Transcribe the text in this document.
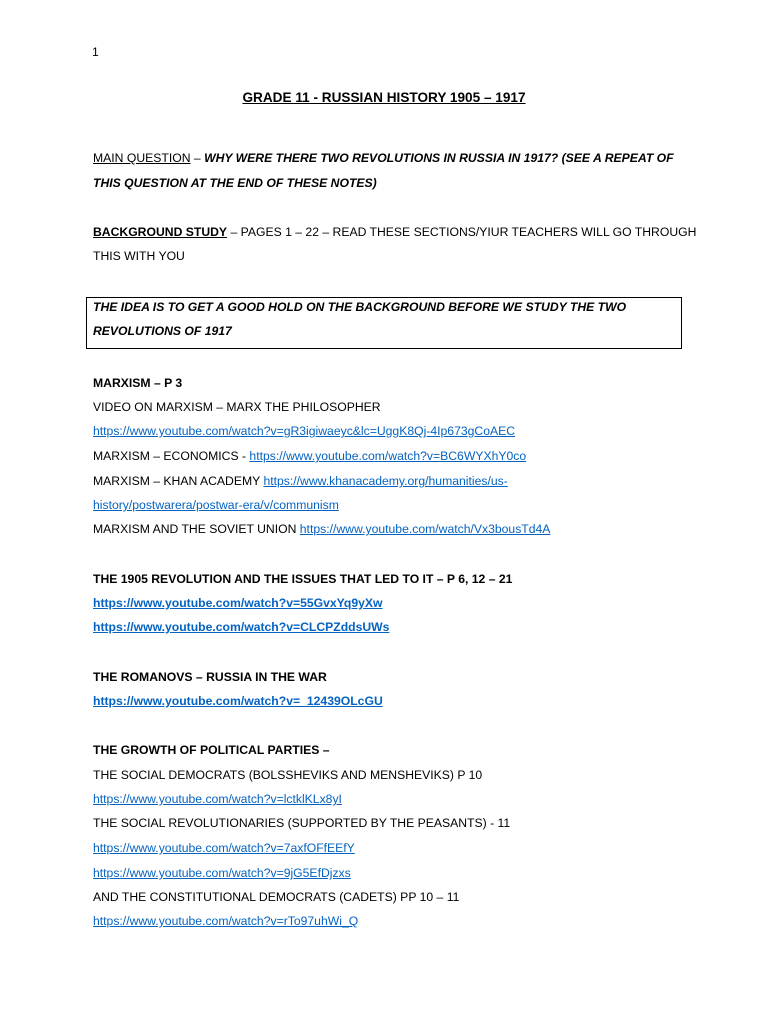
1
GRADE 11 - RUSSIAN HISTORY 1905 – 1917
MAIN QUESTION – WHY WERE THERE TWO REVOLUTIONS IN RUSSIA IN 1917? (SEE A REPEAT OF
THIS QUESTION AT THE END OF THESE NOTES)
BACKGROUND STUDY – PAGES 1 – 22 – READ THESE SECTIONS/YIUR TEACHERS WILL GO THROUGH
THIS WITH YOU
THE IDEA IS TO GET A GOOD HOLD ON THE BACKGROUND BEFORE WE STUDY THE TWO
REVOLUTIONS OF 1917
MARXISM – P 3
VIDEO ON MARXISM – MARX THE PHILOSOPHER
https://www.youtube.com/watch?v=gR3igiwaeyc&lc=UggK8Qj-4Ip673gCoAEC
MARXISM – ECONOMICS - https://www.youtube.com/watch?v=BC6WYXhY0co
MARXISM – KHAN ACADEMY https://www.khanacademy.org/humanities/us-
history/postwarera/postwar-era/v/communism
MARXISM AND THE SOVIET UNION https://www.youtube.com/watch/Vx3bousTd4A
THE 1905 REVOLUTION AND THE ISSUES THAT LED TO IT – P 6, 12 – 21
https://www.youtube.com/watch?v=55GvxYq9yXw
https://www.youtube.com/watch?v=CLCPZddsUWs
THE ROMANOVS – RUSSIA IN THE WAR
https://www.youtube.com/watch?v=_12439OLcGU
THE GROWTH OF POLITICAL PARTIES –
THE SOCIAL DEMOCRATS (BOLSSHEVIKS AND MENSHEVIKS) P 10
https://www.youtube.com/watch?v=lctklKLx8yI
THE SOCIAL REVOLUTIONARIES (SUPPORTED BY THE PEASANTS) - 11
https://www.youtube.com/watch?v=7axfOFfEEfY
https://www.youtube.com/watch?v=9jG5EfDjzxs
AND THE CONSTITUTIONAL DEMOCRATS (CADETS) PP 10 – 11
https://www.youtube.com/watch?v=rTo97uhWi_Q
